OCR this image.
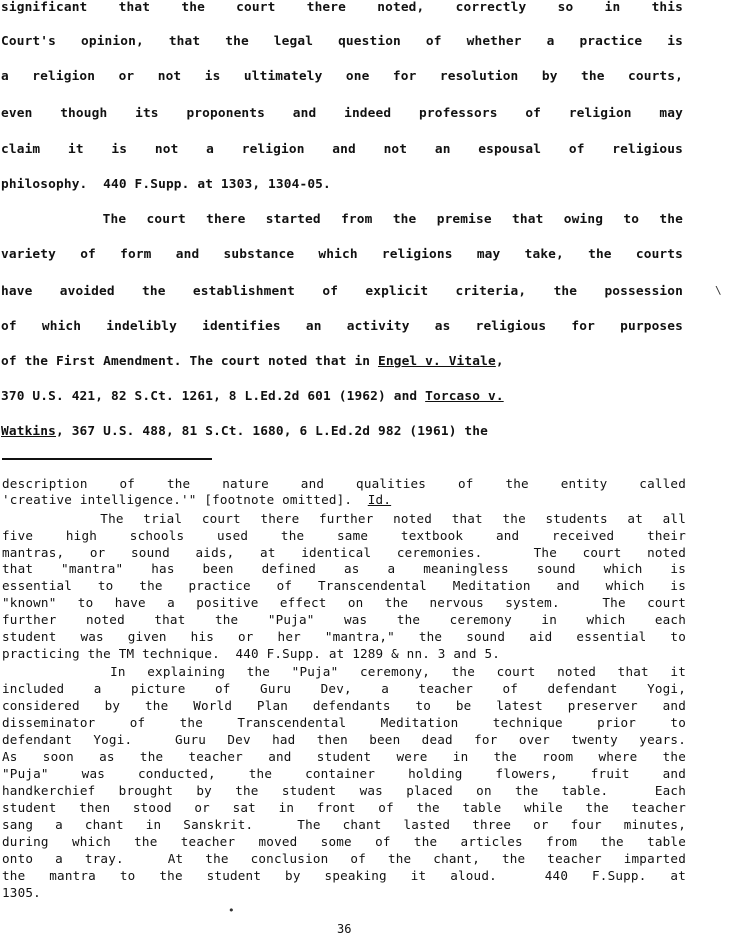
significant that the court there noted, correctly so in this
Court's opinion, that the legal question of whether a practice is
a religion or not is ultimately one for resolution by the courts,
even though its proponents and indeed professors of religion may
claim it is not a religion and not an espousal of religious
philosophy.  440 F.Supp. at 1303, 1304-05.
The court there started from the premise that owing to the
variety of form and substance which religions may take, the courts
have avoided the establishment of explicit criteria, the possession
of which indelibly identifies an activity as religious for purposes
of the First Amendment. The court noted that in Engel v. Vitale,
370 U.S. 421, 82 S.Ct. 1261, 8 L.Ed.2d 601 (1962) and Torcaso v.
Watkins, 367 U.S. 488, 81 S.Ct. 1680, 6 L.Ed.2d 982 (1961) the
description of the nature and qualities of the entity called
'creative intelligence.'" [footnote omitted].  Id.
The trial court there further noted that the students at all
five high schools used the same textbook and received their
mantras, or sound aids, at identical ceremonies.  The court noted
that "mantra" has been defined as a meaningless sound which is
essential to the practice of Transcendental Meditation and which is
"known" to have a positive effect on the nervous system.  The court
further noted that the "Puja" was the ceremony in which each
student was given his or her "mantra," the sound aid essential to
practicing the TM technique.  440 F.Supp. at 1289 & nn. 3 and 5.
In explaining the "Puja" ceremony, the court noted that it
included a picture of Guru Dev, a teacher of defendant Yogi,
considered by the World Plan defendants to be latest preserver and
disseminator of the Transcendental Meditation technique prior to
defendant Yogi.  Guru Dev had then been dead for over twenty years.
As soon as the teacher and student were in the room where the
"Puja" was conducted, the container holding flowers, fruit and
handkerchief brought by the student was placed on the table.  Each
student then stood or sat in front of the table while the teacher
sang a chant in Sanskrit.  The chant lasted three or four minutes,
during which the teacher moved some of the articles from the table
onto a tray.  At the conclusion of the chant, the teacher imparted
the mantra to the student by speaking it aloud.  440 F.Supp. at
1305.
\
•
36
